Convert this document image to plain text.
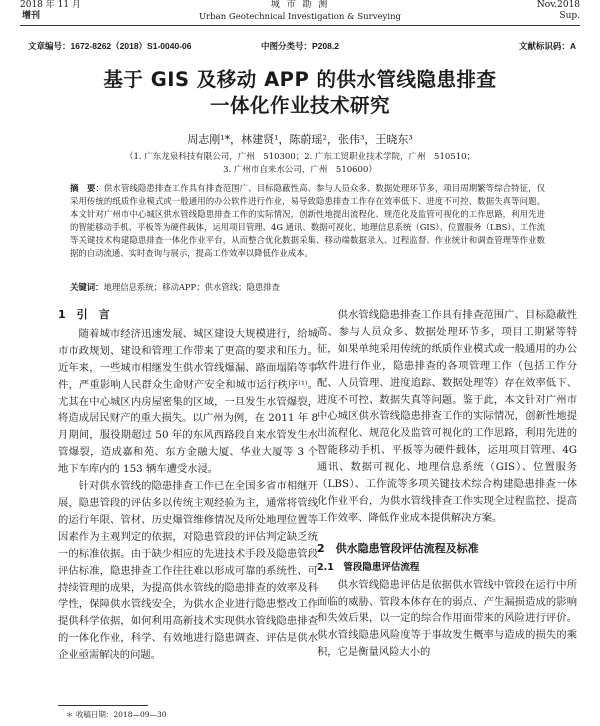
2018 年 11 月
增刊
城 市 勘 测
Urban Geotechnical Investigation & Surveying
Nov.2018
Sup.
文章编号：1672-8262（2018）S1-0040-06	中图分类号：P208.2	文献标识码：A
基于 GIS 及移动 APP 的供水管线隐患排查
一体化作业技术研究
周志刚¹*，林建贤¹，陈蔚瑶²，张伟³，王晓东³
（1. 广东龙泉科技有限公司，广州　510300；2. 广东工贸职业技术学院，广州　510510；
3. 广州市自来水公司，广州　510600）
摘　要：供水管线隐患排查工作具有排查范围广、目标隐蔽性高、参与人员众多、数据处理环节多，项目周期繁等综合特征，仅采用传统的纸质作业模式或一般通用的办公软件进行作业，易导致隐患排查工作存在效率低下、进度不可控、数据失真等问题。本文针对广州市中心城区供水管线隐患排查工作的实际情况，创新性地提出流程化、规范化及监管可视化的工作思路，利用先进的智能移动手机、平板等为硬件载体，运用项目管理、4G 通讯、数据可视化、地理信息系统（GIS）、位置服务（LBS）、工作流等关键技术构建隐患排查一体化作业平台，从而整合优化数据采集、移动端数据录入、过程监督、作业统计和调查管理等作业数据的自动流通、实时查询与展示，提高工作效率以降低作业成本。
关键词：地理信息系统；移动APP；供水管线；隐患排查
1　引　言

随着城市经济迅速发展、城区建设大规模进行，给城市市政规划、建设和管理工作带来了更高的要求和压力。近年来，一些城市相继发生供水管线爆漏、路面塌陷等事件，严重影响人民群众生命财产安全和城市运行秩序⁽¹⁾。尤其在中心城区内房屋密集的区域，一旦发生水管爆裂，将造成居民财产的重大损失。以广州为例，在 2011 年 8 月期间，服役期超过 50 年的东风西路段自来水管发生水管爆裂，造成嘉和苑、东方金融大厦、华业大厦等 3 个地下车库内的 153 辆车遭受水浸。

针对供水管线的隐患排查工作已在全国多省市相继开展，隐患管段的评估多以传统主观经验为主，通常将管线的运行年限、管材、历史爆管维修情况及所处地理位置等因素作为主观判定的依据，对隐患管段的评估判定缺乏统一的标准依据。由于缺少相应的先进技术手段及隐患管段评估标准，隐患排查工作往往难以形成可靠的系统性、可持续管理的成果，为提高供水管线的隐患排查的效率及科学性，保障供水管线安全，为供水企业进行隐患整改工作提供科学依据，如何利用高新技术实现供水管线隐患排查的一体化作业，科学、有效地进行隐患调查、评估是供水企业亟需解决的问题。

供水管线隐患排查工作具有排查范围广、目标隐蔽性高、参与人员众多、数据处理环节多，项目工期紧等特征，如果单纯采用传统的纸质作业模式或一般通用的办公软件进行作业，隐患排查的各项管理工作（包括工作分配、人员管理、进度追踪、数据处理等）存在效率低下、进度不可控、数据失真等问题。鉴于此，本文针对广州市中心城区供水管线隐患排查工作的实际情况，创新性地提出流程化、规范化及监管可视化的工作思路，利用先进的智能移动手机、平板等为硬件载体，运用项目管理、4G 通讯、数据可视化、地理信息系统（GIS）、位置服务（LBS）、工作流等多项关键技术综合构建隐患排查一体化作业平台，为供水管线排查工作实现全过程监控、提高工作效率、降低作业成本提供解决方案。

2　供水隐患管段评估流程及标准
2.1　管段隐患评估流程

供水管线隐患评估是依据供水管线中管段在运行中所面临的威胁、管段本体存在的弱点、产生漏损造成的影响和失效后果，以一定的综合作用面带来的风险进行评价。供水管线隐患风险度等于事故发生概率与造成的损失的乘积，它是衡量风险大小的

＊ 收稿日期：2018—09—30
